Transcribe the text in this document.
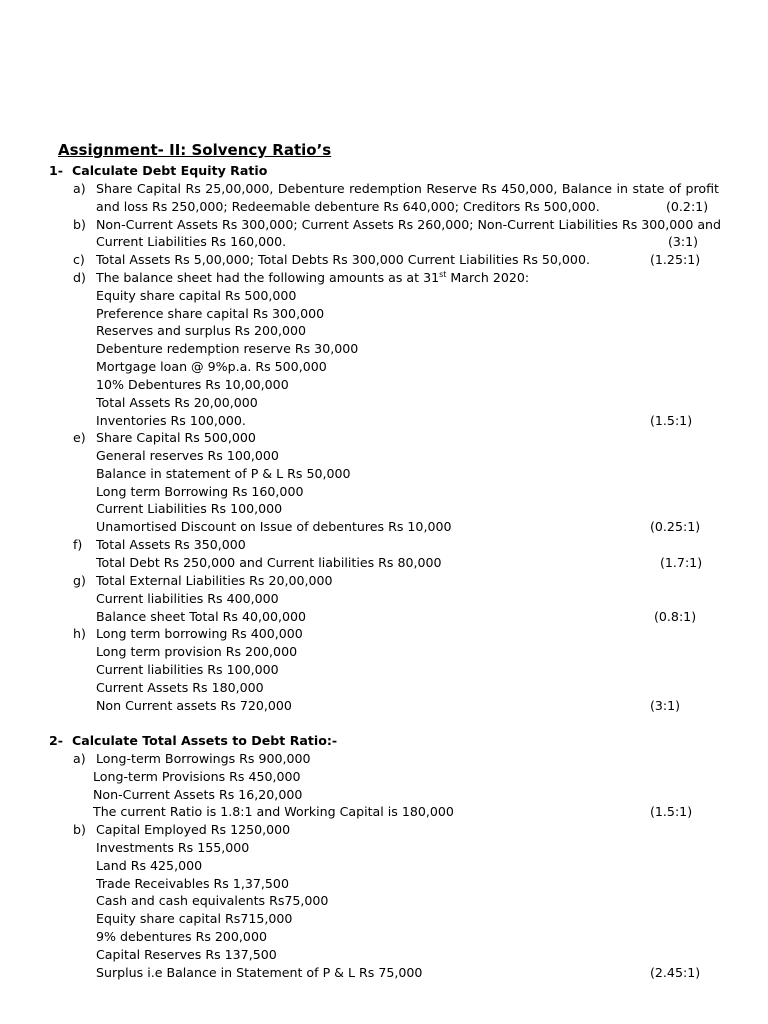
Assignment- II: Solvency Ratio’s
1- Calculate Debt Equity Ratio
a) Share Capital Rs 25,00,000, Debenture redemption Reserve Rs 450,000, Balance in state of profit
and loss Rs 250,000; Redeemable debenture Rs 640,000; Creditors Rs 500,000.	(0.2:1)
b) Non-Current Assets Rs 300,000; Current Assets Rs 260,000; Non-Current Liabilities Rs 300,000 and
Current Liabilities Rs 160,000.	(3:1)
c) Total Assets Rs 5,00,000; Total Debts Rs 300,000 Current Liabilities Rs 50,000.	(1.25:1)
d) The balance sheet had the following amounts as at 31st March 2020:
Equity share capital Rs 500,000
Preference share capital Rs 300,000
Reserves and surplus Rs 200,000
Debenture redemption reserve Rs 30,000
Mortgage loan @ 9%p.a. Rs 500,000
10% Debentures Rs 10,00,000
Total Assets Rs 20,00,000
Inventories Rs 100,000.	(1.5:1)
e) Share Capital Rs 500,000
General reserves Rs 100,000
Balance in statement of P & L Rs 50,000
Long term Borrowing Rs 160,000
Current Liabilities Rs 100,000
Unamortised Discount on Issue of debentures Rs 10,000	(0.25:1)
f) Total Assets Rs 350,000
Total Debt Rs 250,000 and Current liabilities Rs 80,000	(1.7:1)
g) Total External Liabilities Rs 20,00,000
Current liabilities Rs 400,000
Balance sheet Total Rs 40,00,000	(0.8:1)
h) Long term borrowing Rs 400,000
Long term provision Rs 200,000
Current liabilities Rs 100,000
Current Assets Rs 180,000
Non Current assets Rs 720,000	(3:1)
2- Calculate Total Assets to Debt Ratio:-
a) Long-term Borrowings Rs 900,000
Long-term Provisions Rs 450,000
Non-Current Assets Rs 16,20,000
The current Ratio is 1.8:1 and Working Capital is 180,000	(1.5:1)
b) Capital Employed Rs 1250,000
Investments Rs 155,000
Land Rs 425,000
Trade Receivables Rs 1,37,500
Cash and cash equivalents Rs75,000
Equity share capital Rs715,000
9% debentures Rs 200,000
Capital Reserves Rs 137,500
Surplus i.e Balance in Statement of P & L Rs 75,000	(2.45:1)
